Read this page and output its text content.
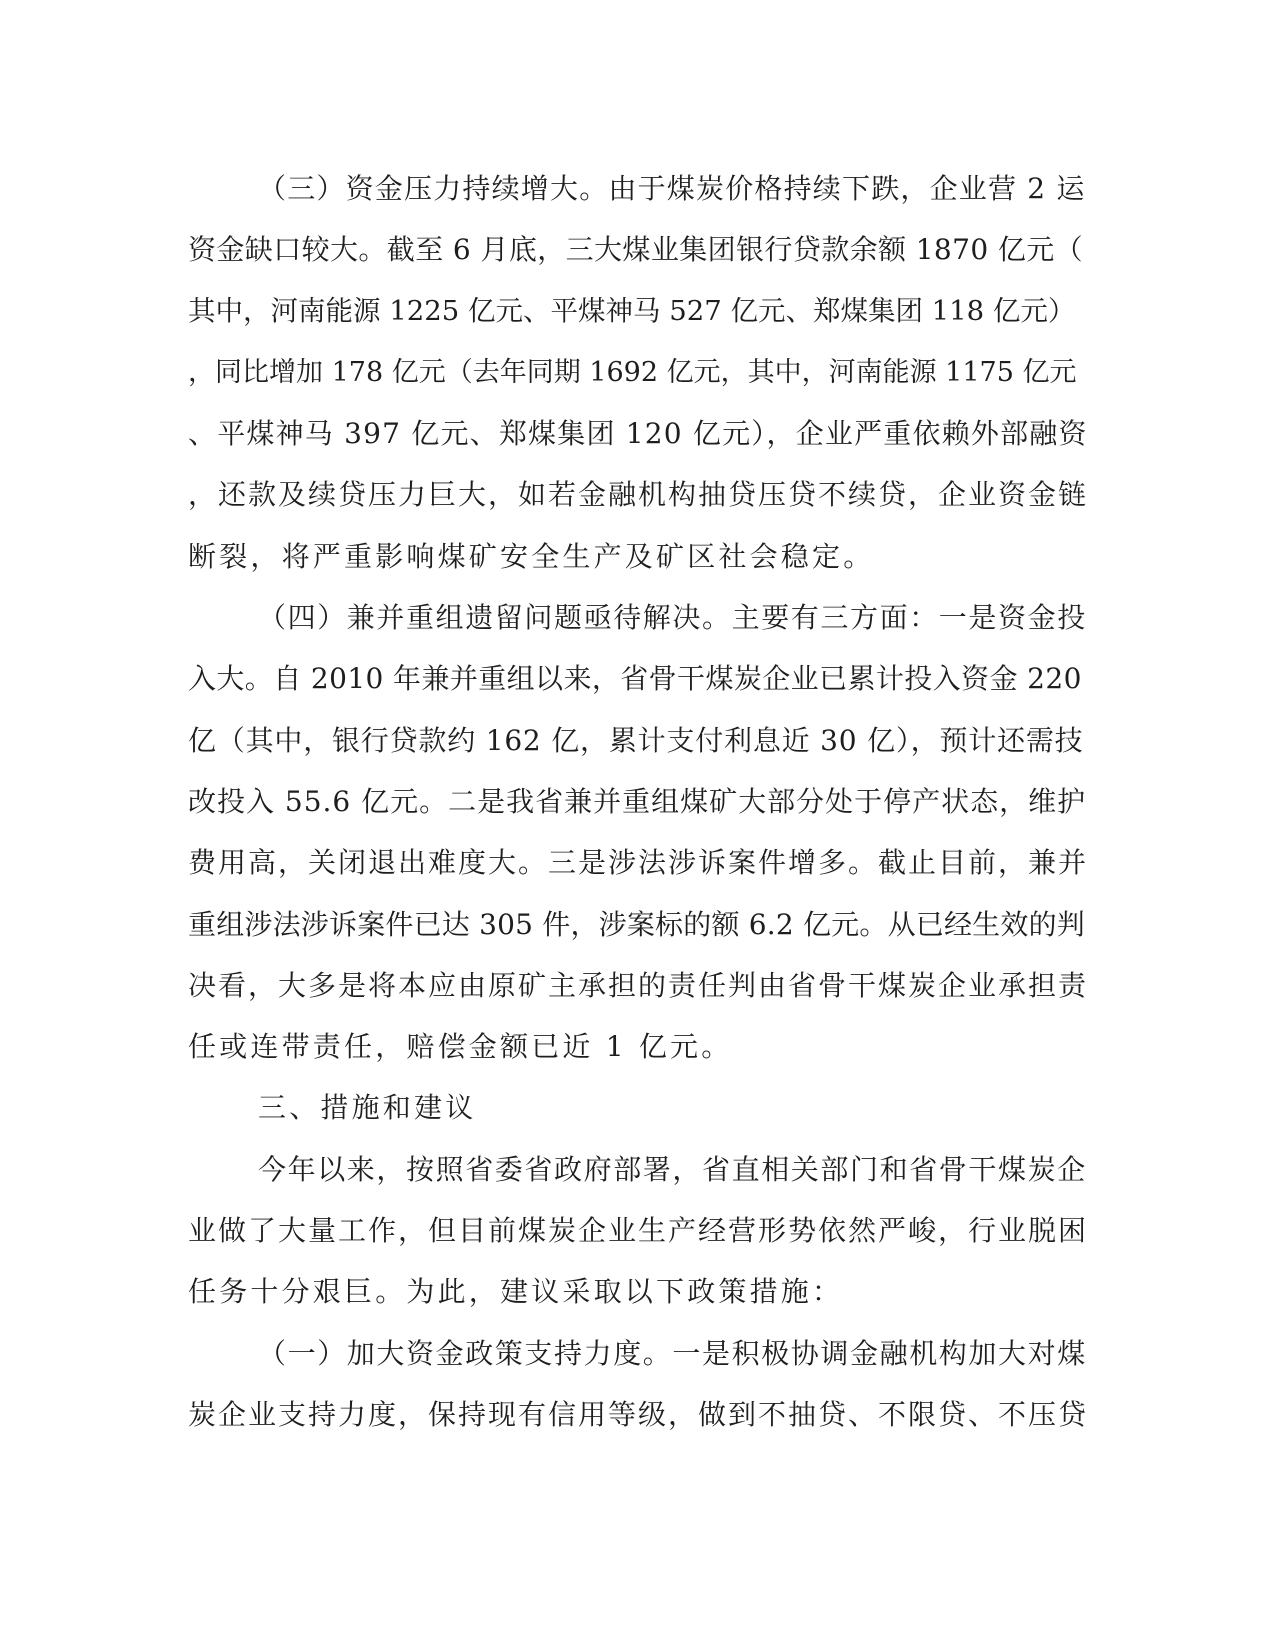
（三）资金压力持续增大。由于煤炭价格持续下跌，企业营 2 运
资金缺口较大。截至 6 月底，三大煤业集团银行贷款余额 1870 亿元（
其中，河南能源 1225 亿元、平煤神马 527 亿元、郑煤集团 118 亿元）
，同比增加 178 亿元（去年同期 1692 亿元，其中，河南能源 1175 亿元
、平煤神马 397 亿元、郑煤集团 120 亿元），企业严重依赖外部融资
，还款及续贷压力巨大，如若金融机构抽贷压贷不续贷，企业资金链
断裂，将严重影响煤矿安全生产及矿区社会稳定。
（四）兼并重组遗留问题亟待解决。主要有三方面：一是资金投
入大。自 2010 年兼并重组以来，省骨干煤炭企业已累计投入资金 220
亿（其中，银行贷款约 162 亿，累计支付利息近 30 亿），预计还需技
改投入 55.6 亿元。二是我省兼并重组煤矿大部分处于停产状态，维护
费用高，关闭退出难度大。三是涉法涉诉案件增多。截止目前，兼并
重组涉法涉诉案件已达 305 件，涉案标的额 6.2 亿元。从已经生效的判
决看，大多是将本应由原矿主承担的责任判由省骨干煤炭企业承担责
任或连带责任，赔偿金额已近 1 亿元。
三、措施和建议
今年以来，按照省委省政府部署，省直相关部门和省骨干煤炭企
业做了大量工作，但目前煤炭企业生产经营形势依然严峻，行业脱困
任务十分艰巨。为此，建议采取以下政策措施：
（一）加大资金政策支持力度。一是积极协调金融机构加大对煤
炭企业支持力度，保持现有信用等级，做到不抽贷、不限贷、不压贷
